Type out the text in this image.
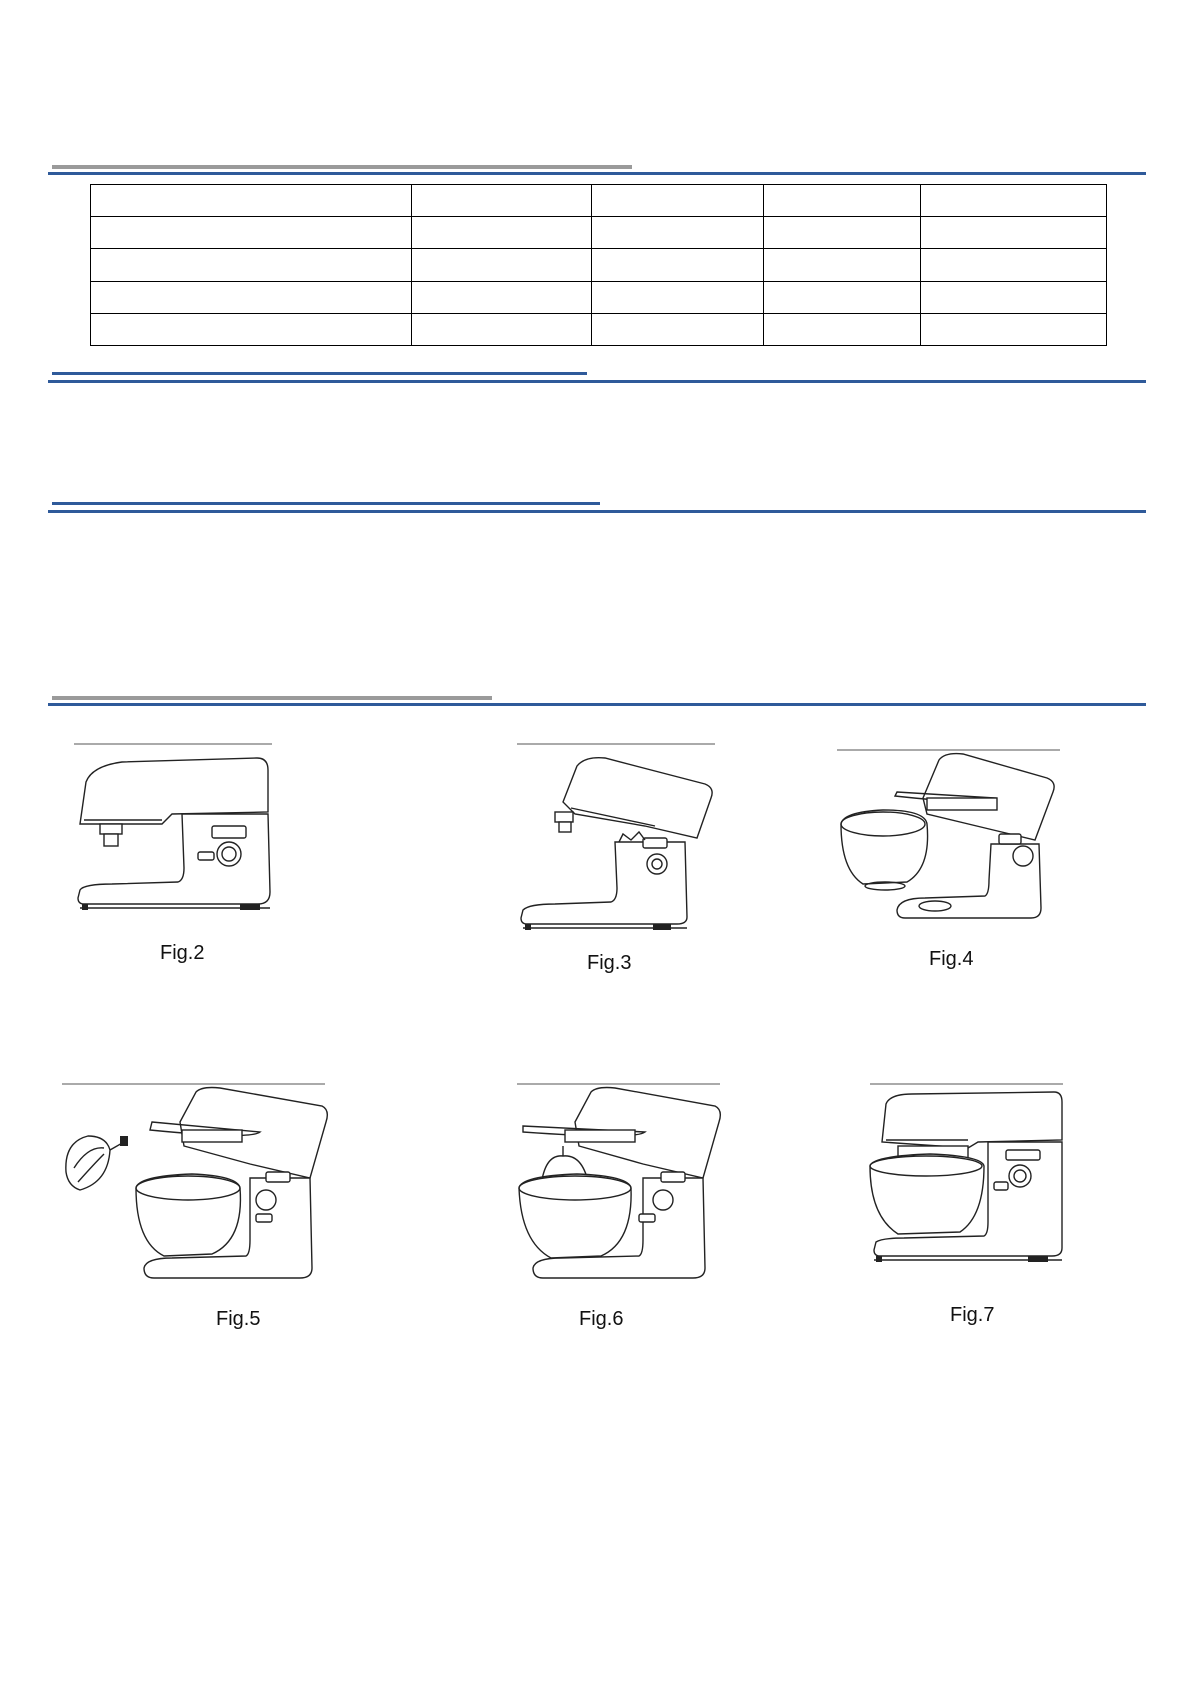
Fig.2	Fig.3	Fig.4
Fig.5	Fig.6	Fig.7
